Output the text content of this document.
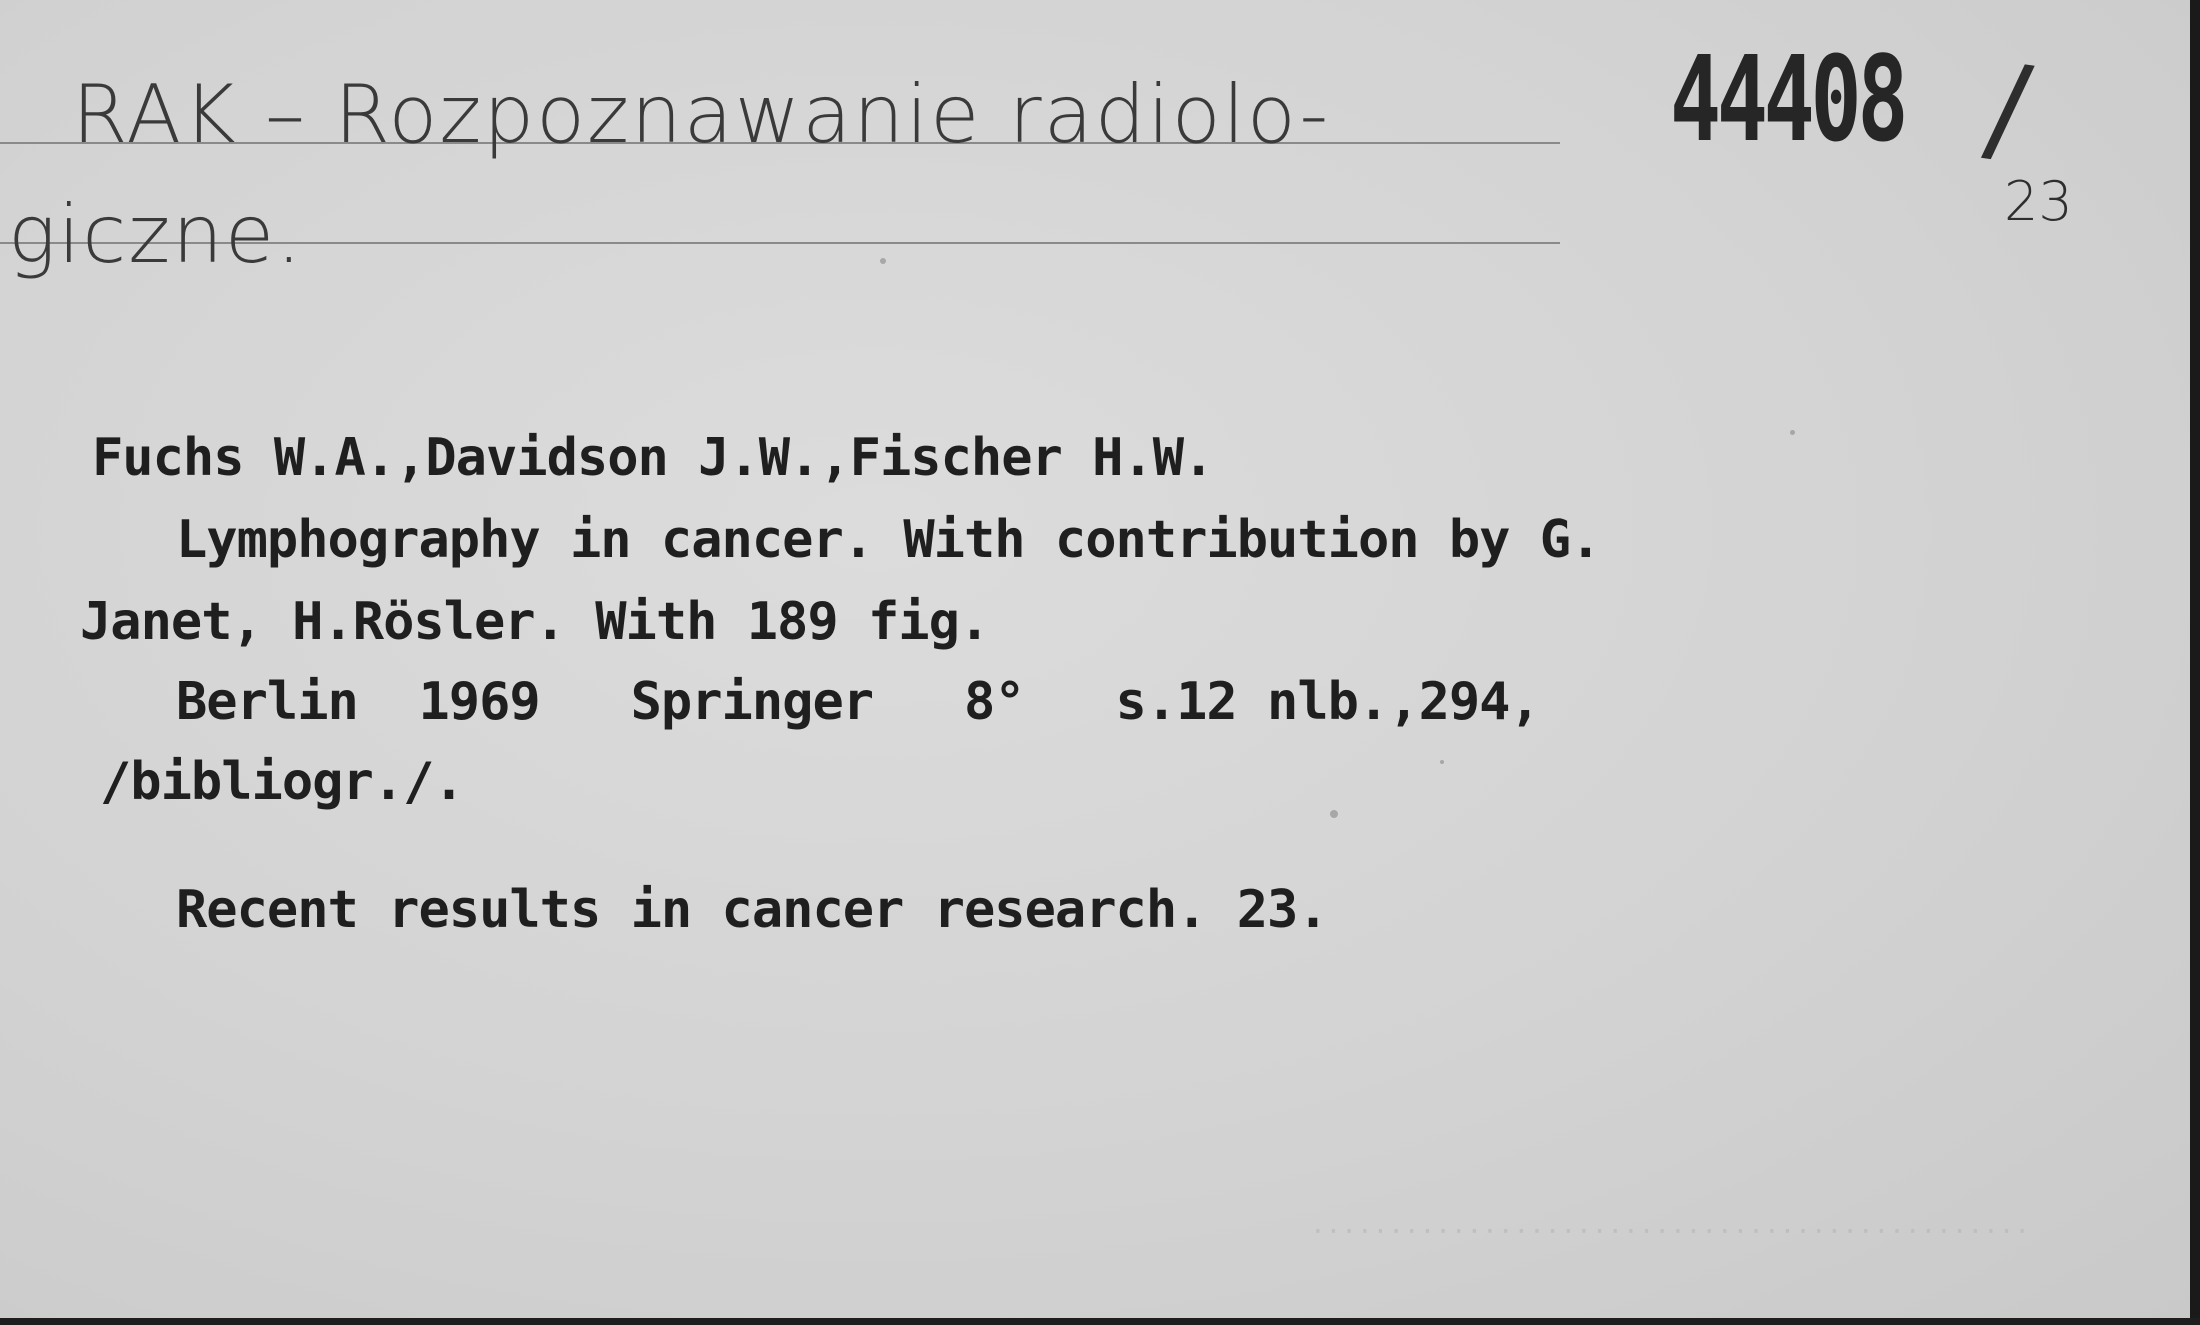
RAK – Rozpoznawanie radiolo-
giczne.
44408 /
23
Fuchs W.A.,Davidson J.W.,Fischer H.W.
Lymphography in cancer. With contribution by G.
Janet, H.Rösler. With 189 fig.
Berlin  1969   Springer   8°   s.12 nlb.,294,
/bibliogr./.
Recent results in cancer research. 23.
..............................................
